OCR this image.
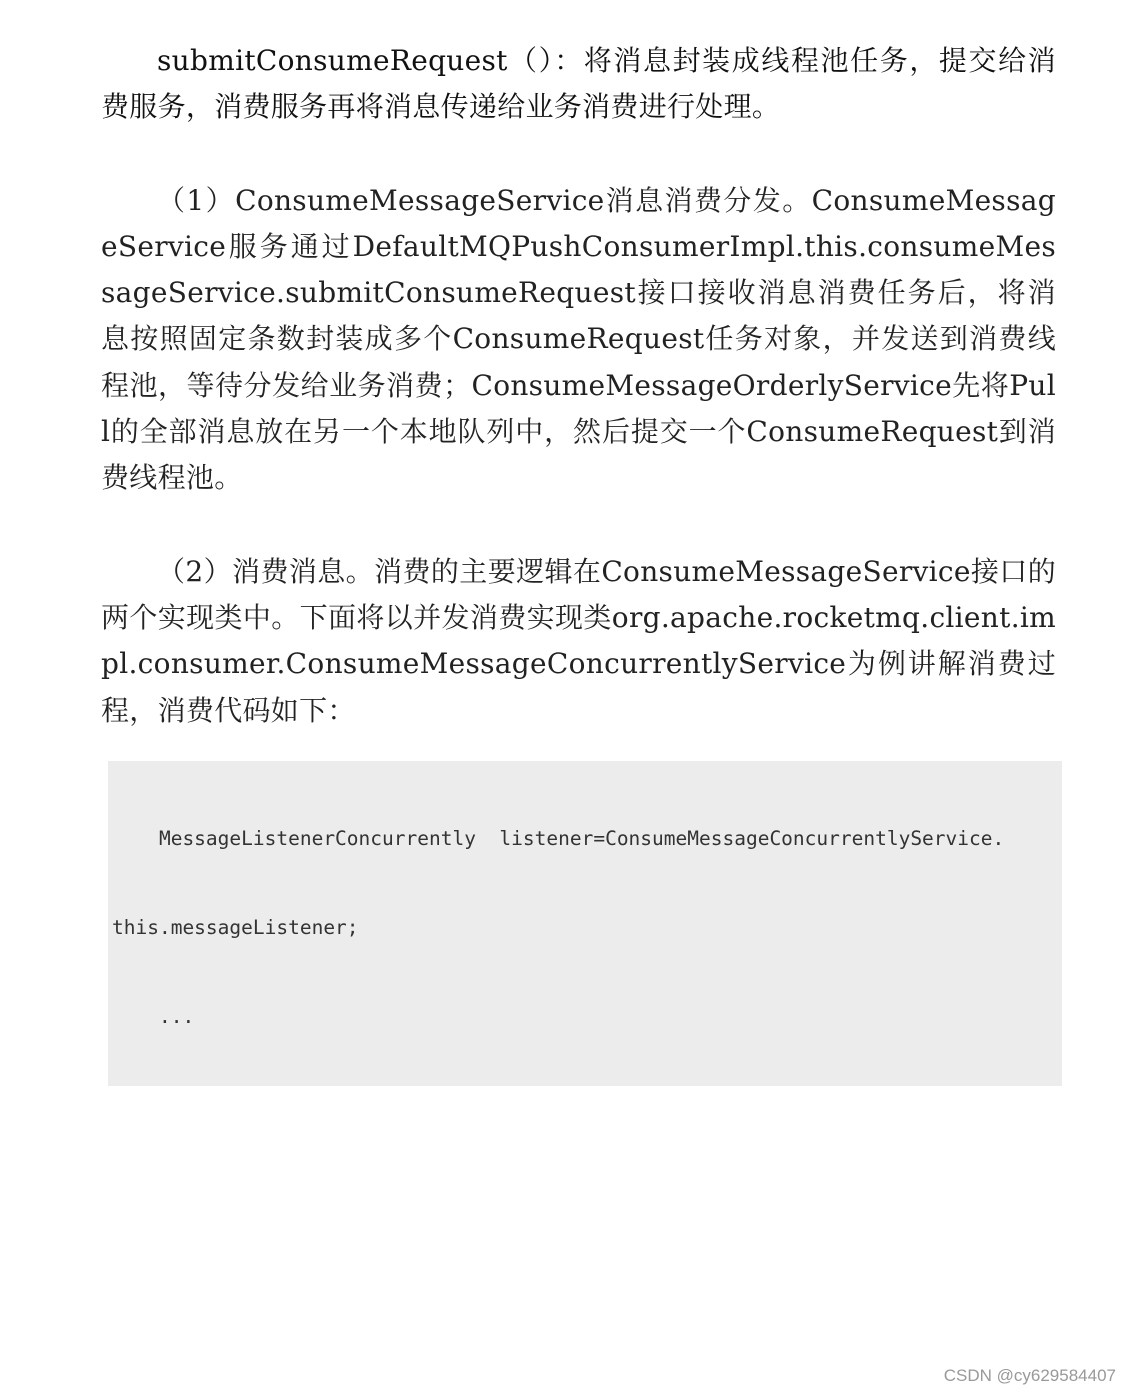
submitConsumeRequest（）：将消息封装成线程池任务，提交给消费服务，消费服务再将消息传递给业务消费进行处理。

（1）ConsumeMessageService消息消费分发。ConsumeMessageService服务通过DefaultMQPushConsumerImpl.this.consumeMessageService.submitConsumeRequest接口接收消息消费任务后，将消息按照固定条数封装成多个ConsumeRequest任务对象，并发送到消费线程池，等待分发给业务消费；ConsumeMessageOrderlyService先将Pull的全部消息放在另一个本地队列中，然后提交一个ConsumeRequest到消费线程池。

（2）消费消息。消费的主要逻辑在ConsumeMessageService接口的两个实现类中。下面将以并发消费实现类org.apache.rocketmq.client.impl.consumer.ConsumeMessageConcurrentlyService为例讲解消费过程，消费代码如下：

MessageListenerConcurrently  listener=ConsumeMessageConcurrentlyService.

this.messageListener;

...

CSDN @cy629584407
